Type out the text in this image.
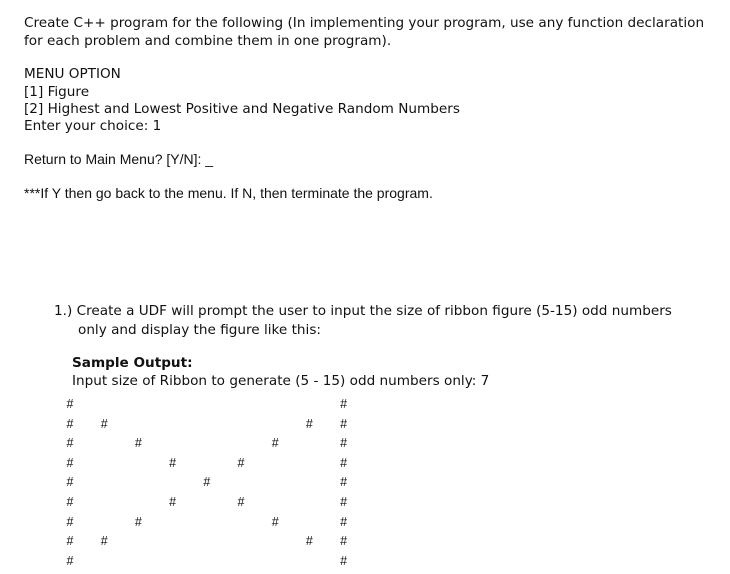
Create C++ program for the following (In implementing your program, use any function declaration
for each problem and combine them in one program).
MENU OPTION
[1] Figure
[2] Highest and Lowest Positive and Negative Random Numbers
Enter your choice: 1
Return to Main Menu? [Y/N]: _
***If Y then go back to the menu. If N, then terminate the program.
1.) Create a UDF will prompt the user to input the size of ribbon figure (5-15) odd numbers
only and display the figure like this:
Sample Output:
Input size of Ribbon to generate (5 - 15) odd numbers only: 7
#	#
# #	# #
#	#	#	#
#	#	#	#
#	#	#
#	#	#	#
#	#	#	#
# #	# #
#	#
